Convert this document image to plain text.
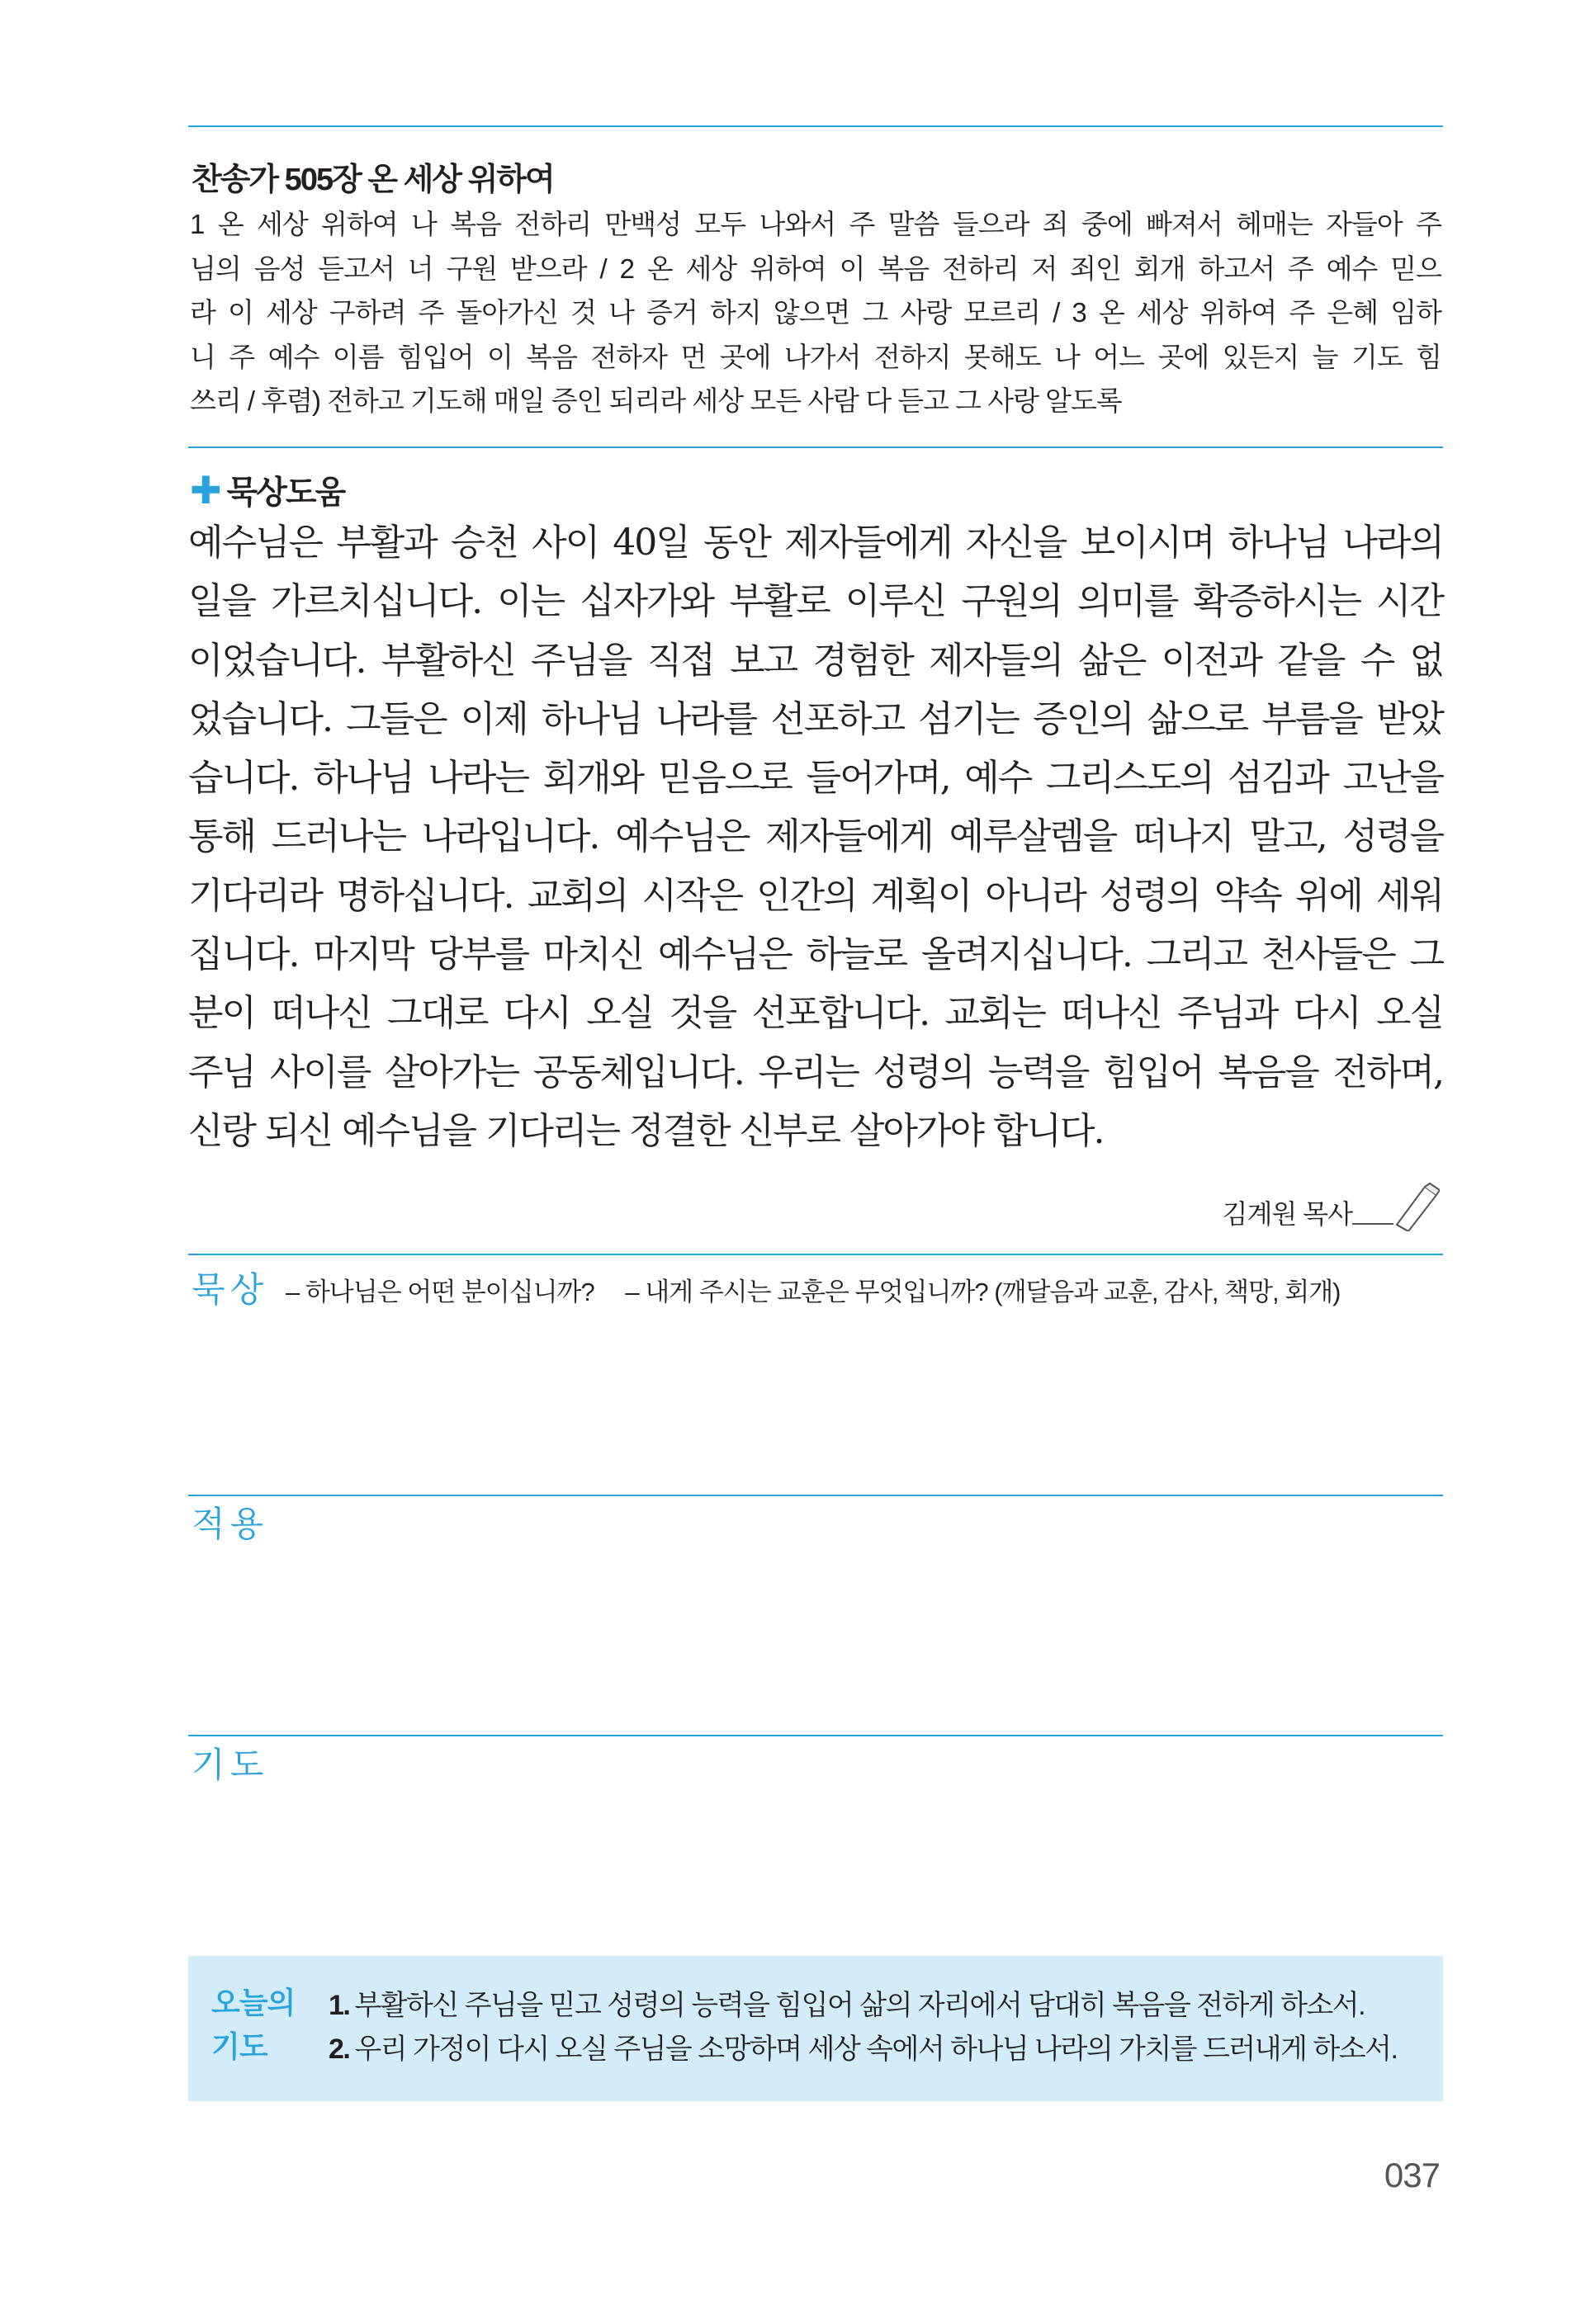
찬송가 505장 온 세상 위하여
1 온 세상 위하여 나 복음 전하리 만백성 모두 나와서 주 말씀 들으라 죄 중에 빠져서 헤매는 자들아 주
님의 음성 듣고서 너 구원 받으라 / 2 온 세상 위하여 이 복음 전하리 저 죄인 회개 하고서 주 예수 믿으
라 이 세상 구하려 주 돌아가신 것 나 증거 하지 않으면 그 사랑 모르리 / 3 온 세상 위하여 주 은혜 임하
니 주 예수 이름 힘입어 이 복음 전하자 먼 곳에 나가서 전하지 못해도 나 어느 곳에 있든지 늘 기도 힘
쓰리 / 후렴) 전하고 기도해 매일 증인 되리라 세상 모든 사람 다 듣고 그 사랑 알도록
✚ 묵상도움
예수님은 부활과 승천 사이 40일 동안 제자들에게 자신을 보이시며 하나님 나라의
일을 가르치십니다. 이는 십자가와 부활로 이루신 구원의 의미를 확증하시는 시간
이었습니다. 부활하신 주님을 직접 보고 경험한 제자들의 삶은 이전과 같을 수 없
었습니다. 그들은 이제 하나님 나라를 선포하고 섬기는 증인의 삶으로 부름을 받았
습니다. 하나님 나라는 회개와 믿음으로 들어가며, 예수 그리스도의 섬김과 고난을
통해 드러나는 나라입니다. 예수님은 제자들에게 예루살렘을 떠나지 말고, 성령을
기다리라 명하십니다. 교회의 시작은 인간의 계획이 아니라 성령의 약속 위에 세워
집니다. 마지막 당부를 마치신 예수님은 하늘로 올려지십니다. 그리고 천사들은 그
분이 떠나신 그대로 다시 오실 것을 선포합니다. 교회는 떠나신 주님과 다시 오실
주님 사이를 살아가는 공동체입니다. 우리는 성령의 능력을 힘입어 복음을 전하며,
신랑 되신 예수님을 기다리는 정결한 신부로 살아가야 합니다.
김계원 목사
묵상 – 하나님은 어떤 분이십니까? – 내게 주시는 교훈은 무엇입니까? (깨달음과 교훈, 감사, 책망, 회개)
적용
기도
오늘의
기도
1. 부활하신 주님을 믿고 성령의 능력을 힘입어 삶의 자리에서 담대히 복음을 전하게 하소서.
2. 우리 가정이 다시 오실 주님을 소망하며 세상 속에서 하나님 나라의 가치를 드러내게 하소서.
037
